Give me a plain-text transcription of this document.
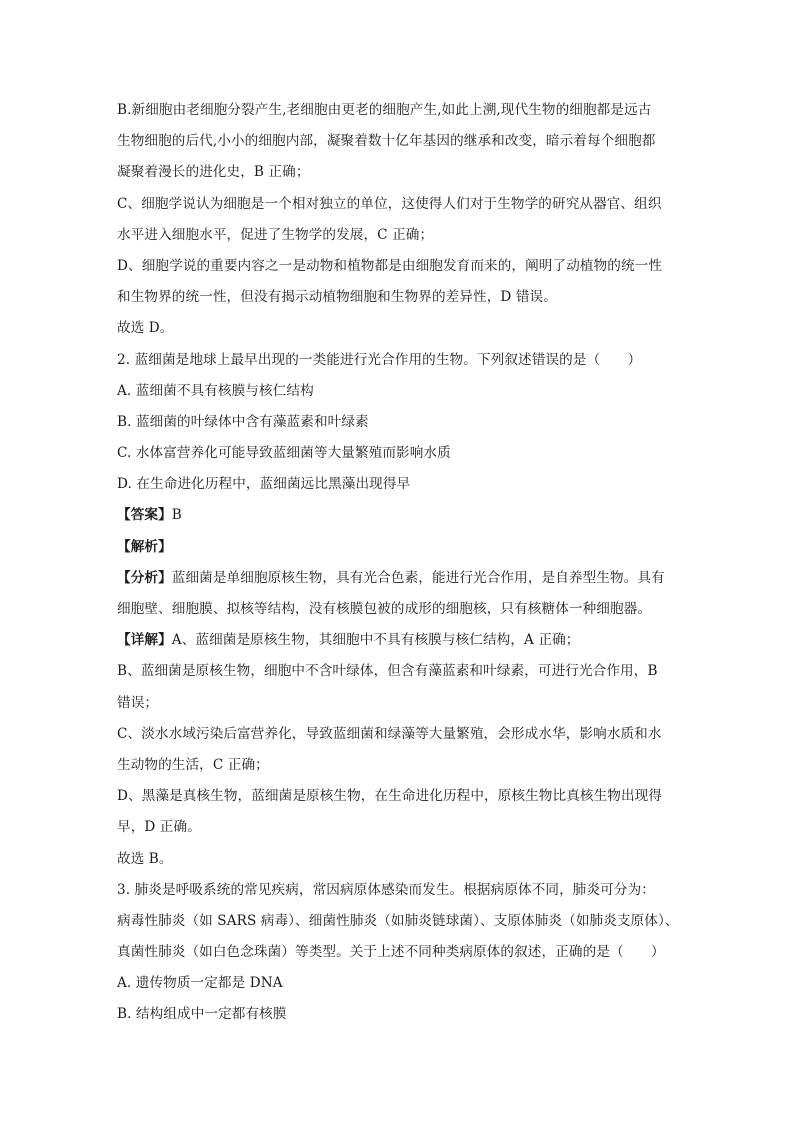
B.新细胞由老细胞分裂产生,老细胞由更老的细胞产生,如此上溯,现代生物的细胞都是远古
生物细胞的后代,小小的细胞内部，凝聚着数十亿年基因的继承和改变，暗示着每个细胞都
凝聚着漫长的进化史，B 正确；
C、细胞学说认为细胞是一个相对独立的单位，这使得人们对于生物学的研究从器官、组织
水平进入细胞水平，促进了生物学的发展，C 正确；
D、细胞学说的重要内容之一是动物和植物都是由细胞发育而来的，阐明了动植物的统一性
和生物界的统一性，但没有揭示动植物细胞和生物界的差异性，D 错误。
故选 D。
2. 蓝细菌是地球上最早出现的一类能进行光合作用的生物。下列叙述错误的是（　　）
A. 蓝细菌不具有核膜与核仁结构
B. 蓝细菌的叶绿体中含有藻蓝素和叶绿素
C. 水体富营养化可能导致蓝细菌等大量繁殖而影响水质
D. 在生命进化历程中，蓝细菌远比黑藻出现得早
【答案】B
【解析】
【分析】蓝细菌是单细胞原核生物，具有光合色素，能进行光合作用，是自养型生物。具有
细胞壁、细胞膜、拟核等结构，没有核膜包被的成形的细胞核，只有核糖体一种细胞器。
【详解】A、蓝细菌是原核生物，其细胞中不具有核膜与核仁结构，A 正确；
B、蓝细菌是原核生物，细胞中不含叶绿体，但含有藻蓝素和叶绿素，可进行光合作用，B
错误；
C、淡水水域污染后富营养化，导致蓝细菌和绿藻等大量繁殖，会形成水华，影响水质和水
生动物的生活，C 正确；
D、黑藻是真核生物，蓝细菌是原核生物，在生命进化历程中，原核生物比真核生物出现得
早，D 正确。
故选 B。
3. 肺炎是呼吸系统的常见疾病，常因病原体感染而发生。根据病原体不同，肺炎可分为：
病毒性肺炎（如 SARS 病毒）、细菌性肺炎（如肺炎链球菌）、支原体肺炎（如肺炎支原体）、
真菌性肺炎（如白色念珠菌）等类型。关于上述不同种类病原体的叙述，正确的是（　　）
A. 遗传物质一定都是 DNA
B. 结构组成中一定都有核膜
